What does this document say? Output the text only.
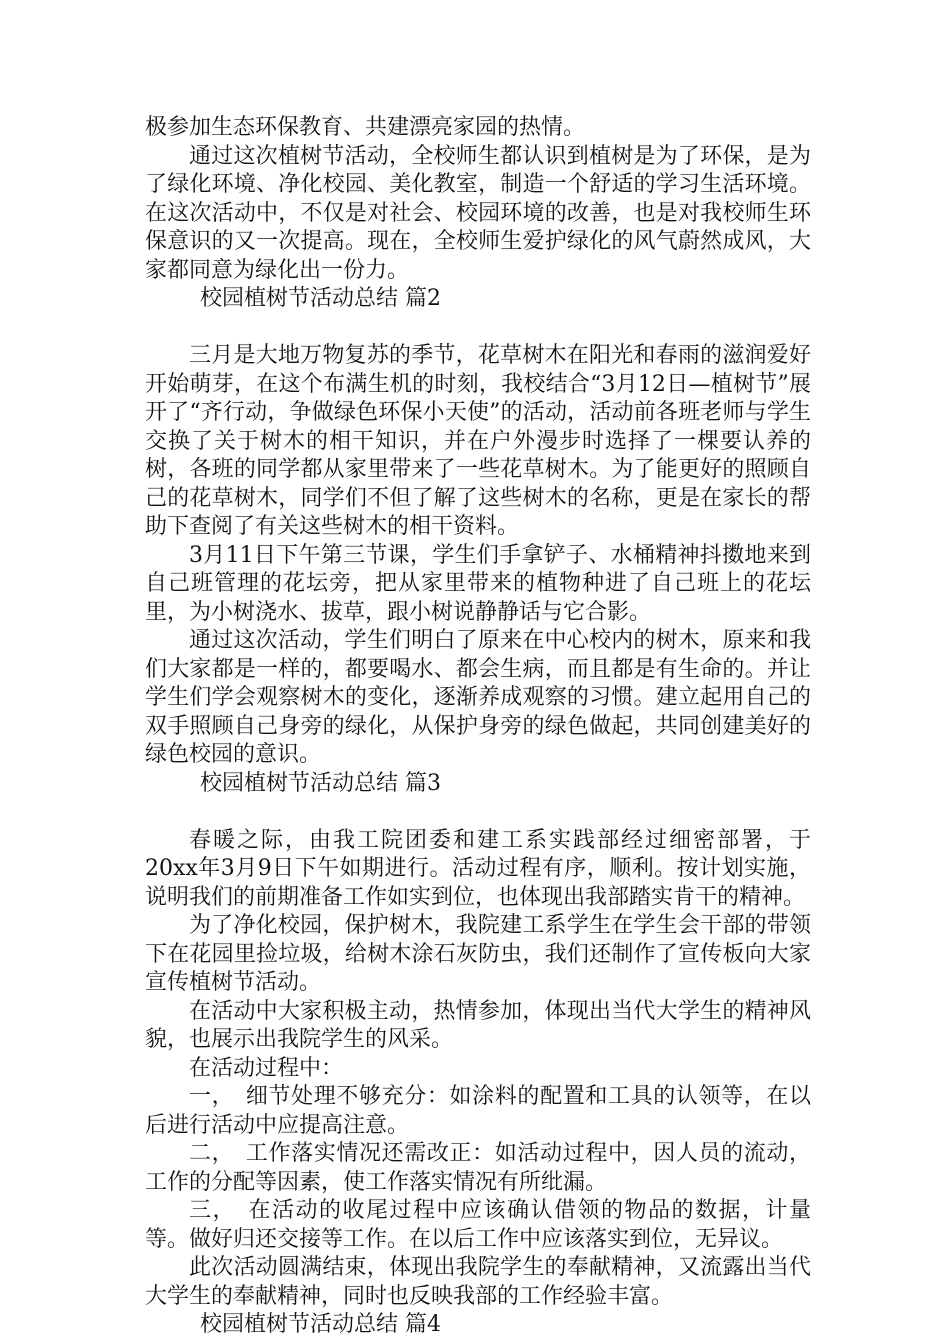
极参加生态环保教育、共建漂亮家园的热情。

通过这次植树节活动，全校师生都认识到植树是为了环保，是为了绿化环境、净化校园、美化教室，制造一个舒适的学习生活环境。在这次活动中，不仅是对社会、校园环境的改善，也是对我校师生环保意识的又一次提高。现在，全校师生爱护绿化的风气蔚然成风，大家都同意为绿化出一份力。

校园植树节活动总结 篇2

三月是大地万物复苏的季节，花草树木在阳光和春雨的滋润爱好开始萌芽，在这个布满生机的时刻，我校结合“3月12日—植树节”展开了“齐行动，争做绿色环保小天使”的活动，活动前各班老师与学生交换了关于树木的相干知识，并在户外漫步时选择了一棵要认养的树，各班的同学都从家里带来了一些花草树木。为了能更好的照顾自己的花草树木，同学们不但了解了这些树木的名称，更是在家长的帮助下查阅了有关这些树木的相干资料。

3月11日下午第三节课，学生们手拿铲子、水桶精神抖擞地来到自己班管理的花坛旁，把从家里带来的植物种进了自己班上的花坛里，为小树浇水、拔草，跟小树说静静话与它合影。

通过这次活动，学生们明白了原来在中心校内的树木，原来和我们大家都是一样的，都要喝水、都会生病，而且都是有生命的。并让学生们学会观察树木的变化，逐渐养成观察的习惯。建立起用自己的双手照顾自己身旁的绿化，从保护身旁的绿色做起，共同创建美好的绿色校园的意识。

校园植树节活动总结 篇3

春暖之际，由我工院团委和建工系实践部经过细密部署，于20xx年3月9日下午如期进行。活动过程有序，顺利。按计划实施，说明我们的前期准备工作如实到位，也体现出我部踏实肯干的精神。

为了净化校园，保护树木，我院建工系学生在学生会干部的带领下在花园里捡垃圾，给树木涂石灰防虫，我们还制作了宣传板向大家宣传植树节活动。

在活动中大家积极主动，热情参加，体现出当代大学生的精神风貌，也展示出我院学生的风采。

在活动过程中：

一，　细节处理不够充分：如涂料的配置和工具的认领等，在以后进行活动中应提高注意。

二，　工作落实情况还需改正：如活动过程中，因人员的流动，工作的分配等因素，使工作落实情况有所纰漏。

三，　在活动的收尾过程中应该确认借领的物品的数据，计量等。做好归还交接等工作。在以后工作中应该落实到位，无异议。

此次活动圆满结束，体现出我院学生的奉献精神，又流露出当代大学生的奉献精神，同时也反映我部的工作经验丰富。

校园植树节活动总结 篇4
